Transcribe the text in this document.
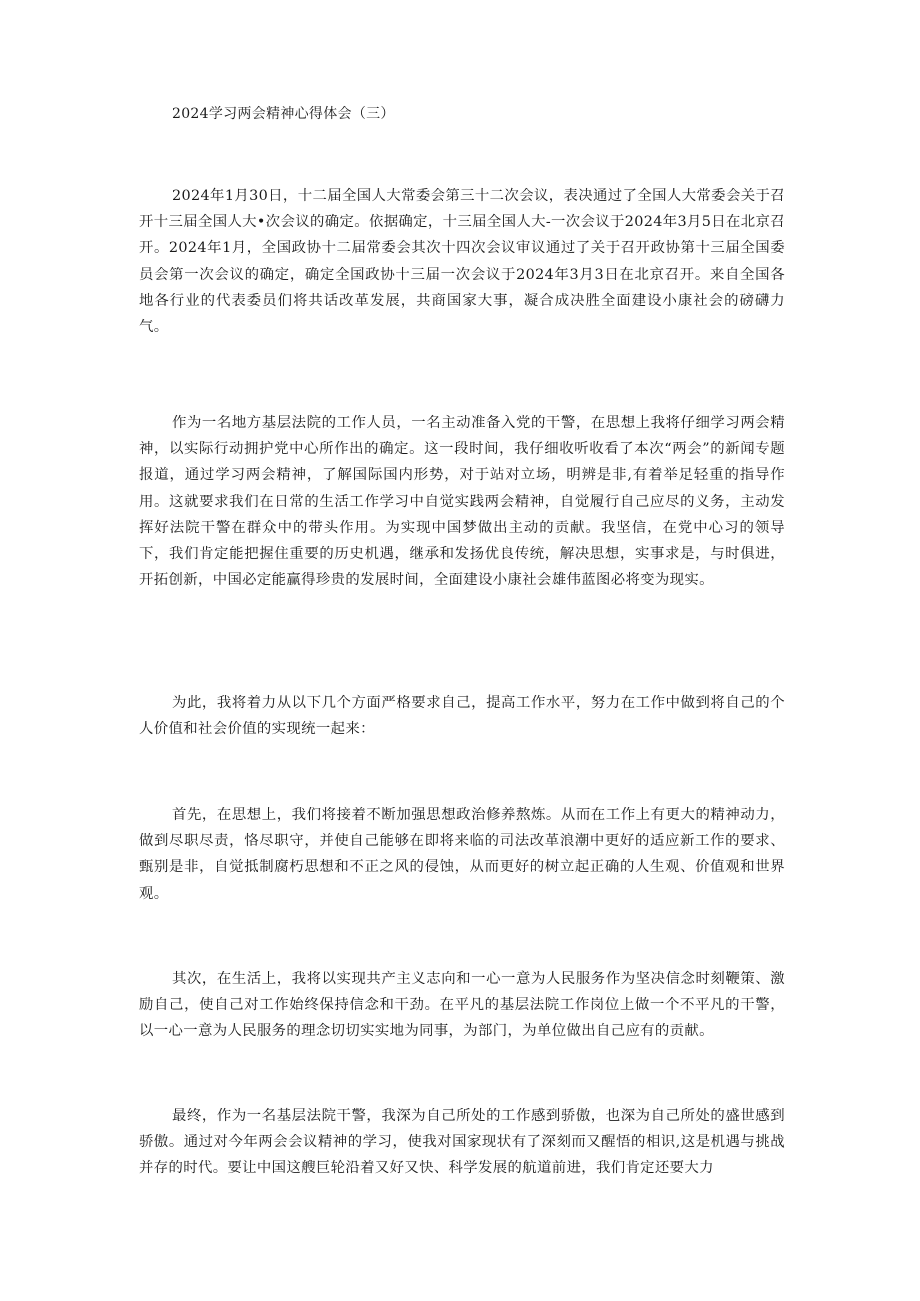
2024学习两会精神心得体会（三）

2024年1月30日，十二届全国人大常委会第三十二次会议，表决通过了全国人大常委会关于召开十三届全国人大•次会议的确定。依据确定，十三届全国人大-一次会议于2024年3月5日在北京召开。2024年1月，全国政协十二届常委会其次十四次会议审议通过了关于召开政协第十三届全国委员会第一次会议的确定，确定全国政协十三届一次会议于2024年3月3日在北京召开。来自全国各地各行业的代表委员们将共话改革发展，共商国家大事，凝合成决胜全面建设小康社会的磅礴力气。

作为一名地方基层法院的工作人员，一名主动准备入党的干警，在思想上我将仔细学习两会精神，以实际行动拥护党中心所作出的确定。这一段时间，我仔细收听收看了本次“两会”的新闻专题报道，通过学习两会精神，了解国际国内形势，对于站对立场，明辨是非,有着举足轻重的指导作用。这就要求我们在日常的生活工作学习中自觉实践两会精神，自觉履行自己应尽的义务，主动发挥好法院干警在群众中的带头作用。为实现中国梦做出主动的贡献。我坚信，在党中心习的领导下，我们肯定能把握住重要的历史机遇，继承和发扬优良传统，解决思想，实事求是，与时俱进，开拓创新，中国必定能赢得珍贵的发展时间，全面建设小康社会雄伟蓝图必将变为现实。

为此，我将着力从以下几个方面严格要求自己，提高工作水平，努力在工作中做到将自己的个人价值和社会价值的实现统一起来：

首先，在思想上，我们将接着不断加强思想政治修养熬炼。从而在工作上有更大的精神动力，做到尽职尽责，恪尽职守，并使自己能够在即将来临的司法改革浪潮中更好的适应新工作的要求、甄别是非，自觉抵制腐朽思想和不正之风的侵蚀，从而更好的树立起正确的人生观、价值观和世界观。

其次，在生活上，我将以实现共产主义志向和一心一意为人民服务作为坚决信念时刻鞭策、激励自己，使自己对工作始终保持信念和干劲。在平凡的基层法院工作岗位上做一个不平凡的干警，以一心一意为人民服务的理念切切实实地为同事，为部门，为单位做出自己应有的贡献。

最终，作为一名基层法院干警，我深为自己所处的工作感到骄傲，也深为自己所处的盛世感到骄傲。通过对今年两会会议精神的学习，使我对国家现状有了深刻而又醒悟的相识,这是机遇与挑战并存的时代。要让中国这艘巨轮沿着又好又快、科学发展的航道前进，我们肯定还要大力
